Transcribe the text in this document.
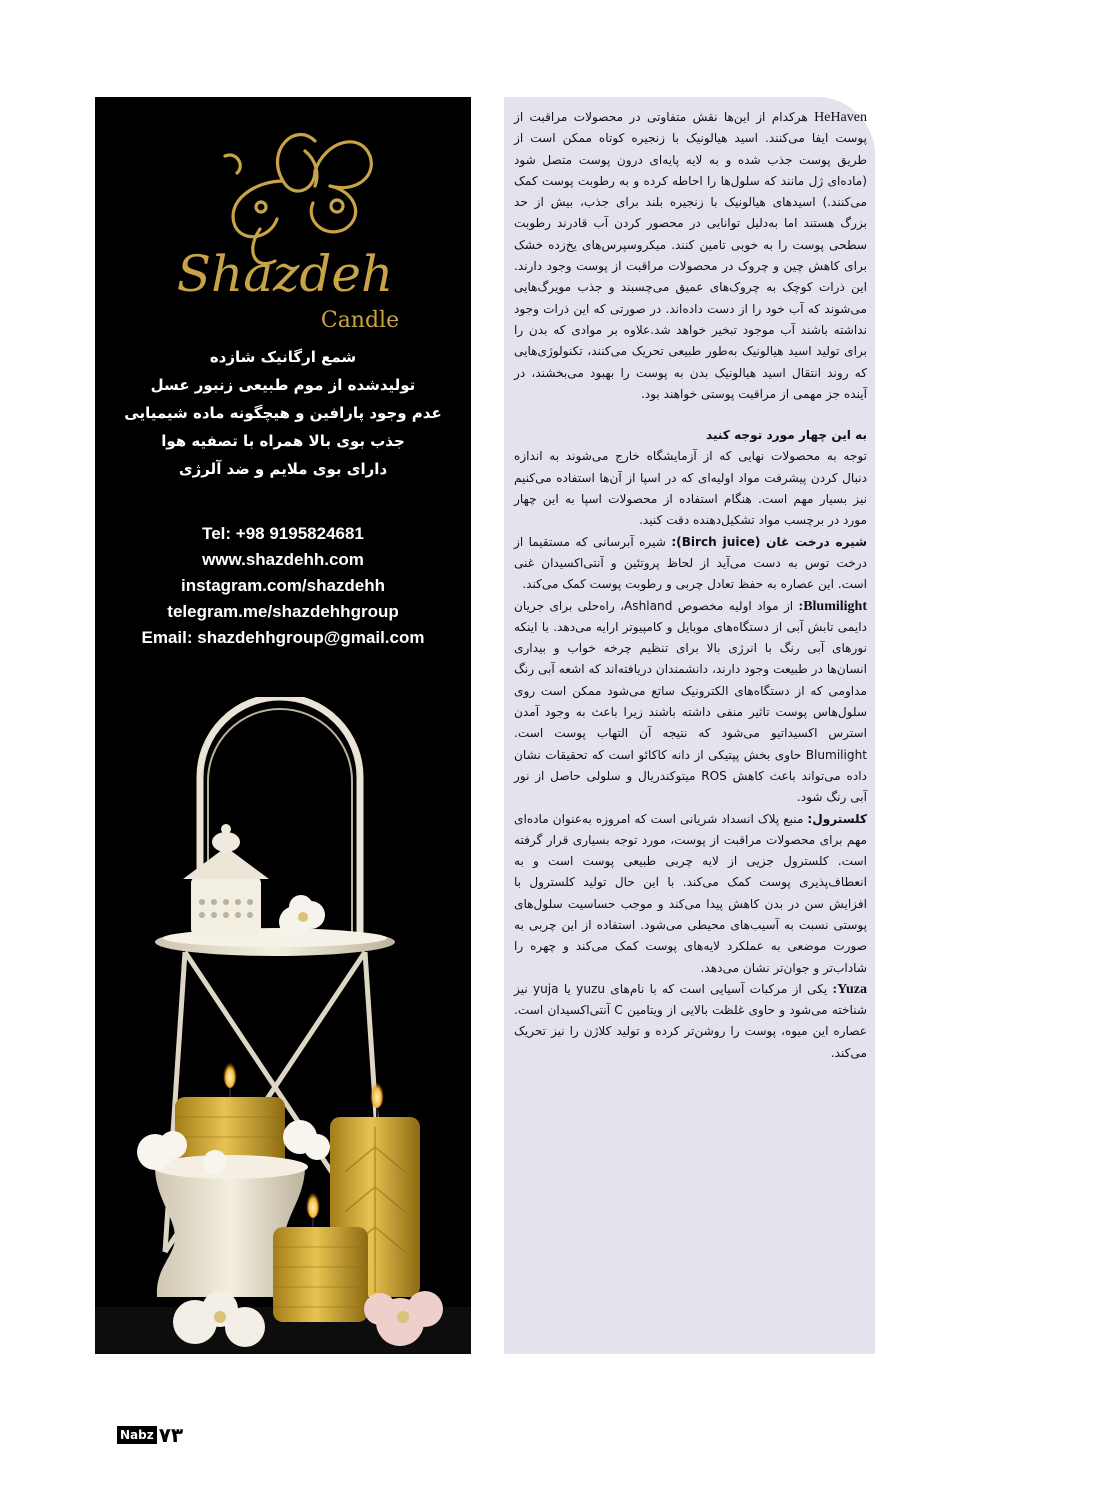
Shazdeh
Candle
شمع ارگانیک شازده
تولیدشده از موم طبیعی زنبور عسل
عدم وجود پارافین و هیچگونه ماده شیمیایی
جذب بوی بالا همراه با تصفیه هوا
دارای بوی ملایم و ضد آلرژی
Tel: +98 9195824681
www.shazdehh.com
instagram.com/shazdehh
telegram.me/shazdehhgroup
Email: shazdehhgroup@gmail.com

HeHaven هرکدام از این‌ها نقش متفاوتی در محصولات مراقبت از پوست ایفا می‌کنند. اسید هیالونیک با زنجیره کوتاه ممکن است از طریق پوست جذب شده و به لایه پایه‌ای درون پوست متصل شود (ماده‌ای ژل مانند که سلول‌ها را احاطه کرده و به رطوبت پوست کمک می‌کنند.) اسیدهای هیالونیک با زنجیره بلند برای جذب، بیش از حد بزرگ هستند اما به‌دلیل توانایی در محصور کردن آب قادرند رطوبت سطحی پوست را به خوبی تامین کنند. میکروسپرس‌های یخ‌زده خشک برای کاهش چین و چروک در محصولات مراقبت از پوست وجود دارند. این ذرات کوچک به چروک‌های عمیق می‌چسبند و جذب مویرگ‌هایی می‌شوند که آب خود را از دست داده‌اند. در صورتی که این ذرات وجود نداشته باشند آب موجود تبخیر خواهد شد.علاوه بر موادی که بدن را برای تولید اسید هیالونیک به‌طور طبیعی تحریک می‌کنند، تکنولوژی‌هایی که روند انتقال اسید هیالونیک بدن به پوست را بهبود می‌بخشند، در آینده جز مهمی از مراقبت پوستی خواهند بود.

به این چهار مورد توجه کنید

توجه به محصولات نهایی که از آزمایشگاه خارج می‌شوند به اندازه دنبال کردن پیشرفت مواد اولیه‌ای که در اسپا از آن‌ها استفاده می‌کنیم نیز بسیار مهم است. هنگام استفاده از محصولات اسپا به این چهار مورد در برچسب مواد تشکیل‌دهنده دقت کنید.

شیره درخت غان (Birch juice): شیره آبرسانی که مستقیما از درخت توس به دست می‌آید از لحاظ پروتئین و آنتی‌اکسیدان غنی است. این عصاره به حفظ تعادل چربی و رطوبت پوست کمک می‌کند.

Blumilight: از مواد اولیه مخصوص Ashland، راه‌حلی برای جریان دایمی تابش آبی از دستگاه‌های موبایل و کامپیوتر ارایه می‌دهد. با اینکه نورهای آبی رنگ با انرژی بالا برای تنظیم چرخه خواب و بیداری انسان‌ها در طبیعت وجود دارند، دانشمندان دریافته‌اند که اشعه آبی رنگ مداومی که از دستگاه‌های الکترونیک ساتع می‌شود ممکن است روی سلول‌هاس پوست تاثیر منفی داشته باشند زیرا باعث به وجود آمدن استرس اکسیداتیو می‌شود که نتیجه آن التهاب پوست است. Blumilight حاوی بخش پپتیکی از دانه کاکائو است که تحقیقات نشان داده می‌تواند باعث کاهش ROS میتوکندریال و سلولی حاصل از نور آبی رنگ شود.

کلسترول: منبع پلاک انسداد شریانی است که امروزه به‌عنوان ماده‌ای مهم برای محصولات مراقبت از پوست، مورد توجه بسیاری قرار گرفته است. کلسترول جزیی از لایه چربی طبیعی پوست است و به انعطاف‌پذیری پوست کمک می‌کند. با این حال تولید کلسترول با افزایش سن در بدن کاهش پیدا می‌کند و موجب حساسیت سلول‌های پوستی نسبت به آسیب‌های محیطی می‌شود. استفاده از این چربی به صورت موضعی به عملکرد لایه‌های پوست کمک می‌کند و چهره را شاداب‌تر و جوان‌تر نشان می‌دهد.

Yuza: یکی از مرکبات آسیایی است که با نام‌های yuzu یا yuja نیز شناخته می‌شود و حاوی غلظت بالایی از ویتامین C آنتی‌اکسیدان است. عصاره این میوه، پوست را روشن‌تر کرده و تولید کلاژن را نیز تحریک می‌کند.

Nabz ۷۳
